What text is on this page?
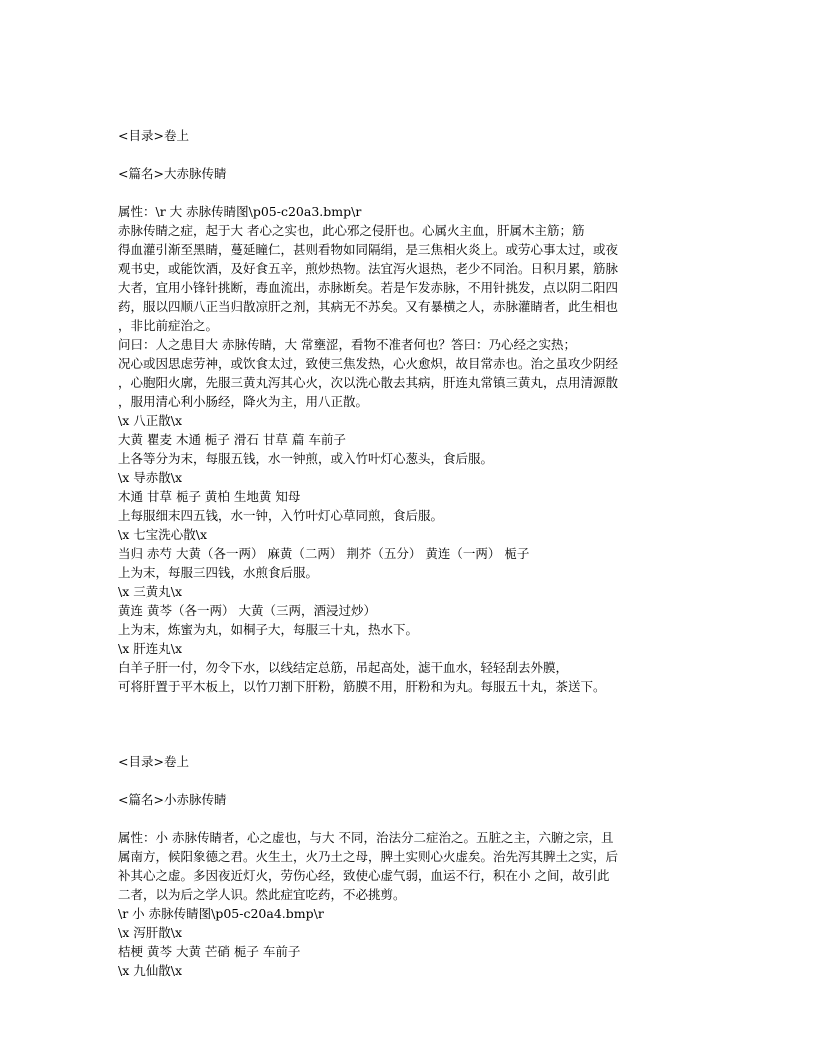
<目录>卷上
<篇名>大赤脉传睛
属性：\r 大 赤脉传睛图\p05-c20a3.bmp\r
赤脉传睛之症，起于大 者心之实也，此心邪之侵肝也。心属火主血，肝属木主筋；筋
得血灌引渐至黑睛，蔓延瞳仁，甚则看物如同隔绢，是三焦相火炎上。或劳心事太过，或夜
观书史，或能饮酒，及好食五辛，煎炒热物。法宜泻火退热，老少不同治。日积月累，筋脉
大者，宜用小锋针挑断，毒血流出，赤脉断矣。若是乍发赤脉，不用针挑发，点以阴二阳四
药，服以四顺八正当归散凉肝之剂，其病无不苏矣。又有暴横之人，赤脉灌睛者，此生相也
，非比前症治之。
问曰：人之患目大 赤脉传睛，大 常壅涩，看物不准者何也？答曰：乃心经之实热；
况心或因思虑劳神，或饮食太过，致使三焦发热，心火愈炽，故目常赤也。治之虽攻少阴经
，心胞阳火廓，先服三黄丸泻其心火，次以洗心散去其病，肝连丸常镇三黄丸，点用清源散
，服用清心利小肠经，降火为主，用八正散。
\x 八正散\x
大黄 瞿麦 木通 栀子 滑石 甘草 萹 车前子
上各等分为末，每服五钱，水一钟煎，或入竹叶灯心葱头，食后服。
\x 导赤散\x
木通 甘草 栀子 黄柏 生地黄 知母
上每服细末四五钱，水一钟，入竹叶灯心草同煎，食后服。
\x 七宝洗心散\x
当归 赤芍 大黄（各一两） 麻黄（二两） 荆芥（五分） 黄连（一两） 栀子
上为末，每服三四钱，水煎食后服。
\x 三黄丸\x
黄连 黄芩（各一两） 大黄（三两，酒浸过炒）
上为末，炼蜜为丸，如桐子大，每服三十丸，热水下。
\x 肝连丸\x
白羊子肝一付，勿令下水，以线结定总筋，吊起高处，滤干血水，轻轻刮去外膜，
可将肝置于平木板上，以竹刀割下肝粉，筋膜不用，肝粉和为丸。每服五十丸，茶送下。
<目录>卷上
<篇名>小赤脉传睛
属性：小 赤脉传睛者，心之虚也，与大 不同，治法分二症治之。五脏之主，六腑之宗，且
属南方，候阳象德之君。火生土，火乃土之母，脾土实则心火虚矣。治先泻其脾土之实，后
补其心之虚。多因夜近灯火，劳伤心经，致使心虚气弱，血运不行，积在小 之间，故引此
二者，以为后之学人识。然此症宜吃药，不必挑剪。
\r 小 赤脉传睛图\p05-c20a4.bmp\r
\x 泻肝散\x
桔梗 黄芩 大黄 芒硝 栀子 车前子
\x 九仙散\x
